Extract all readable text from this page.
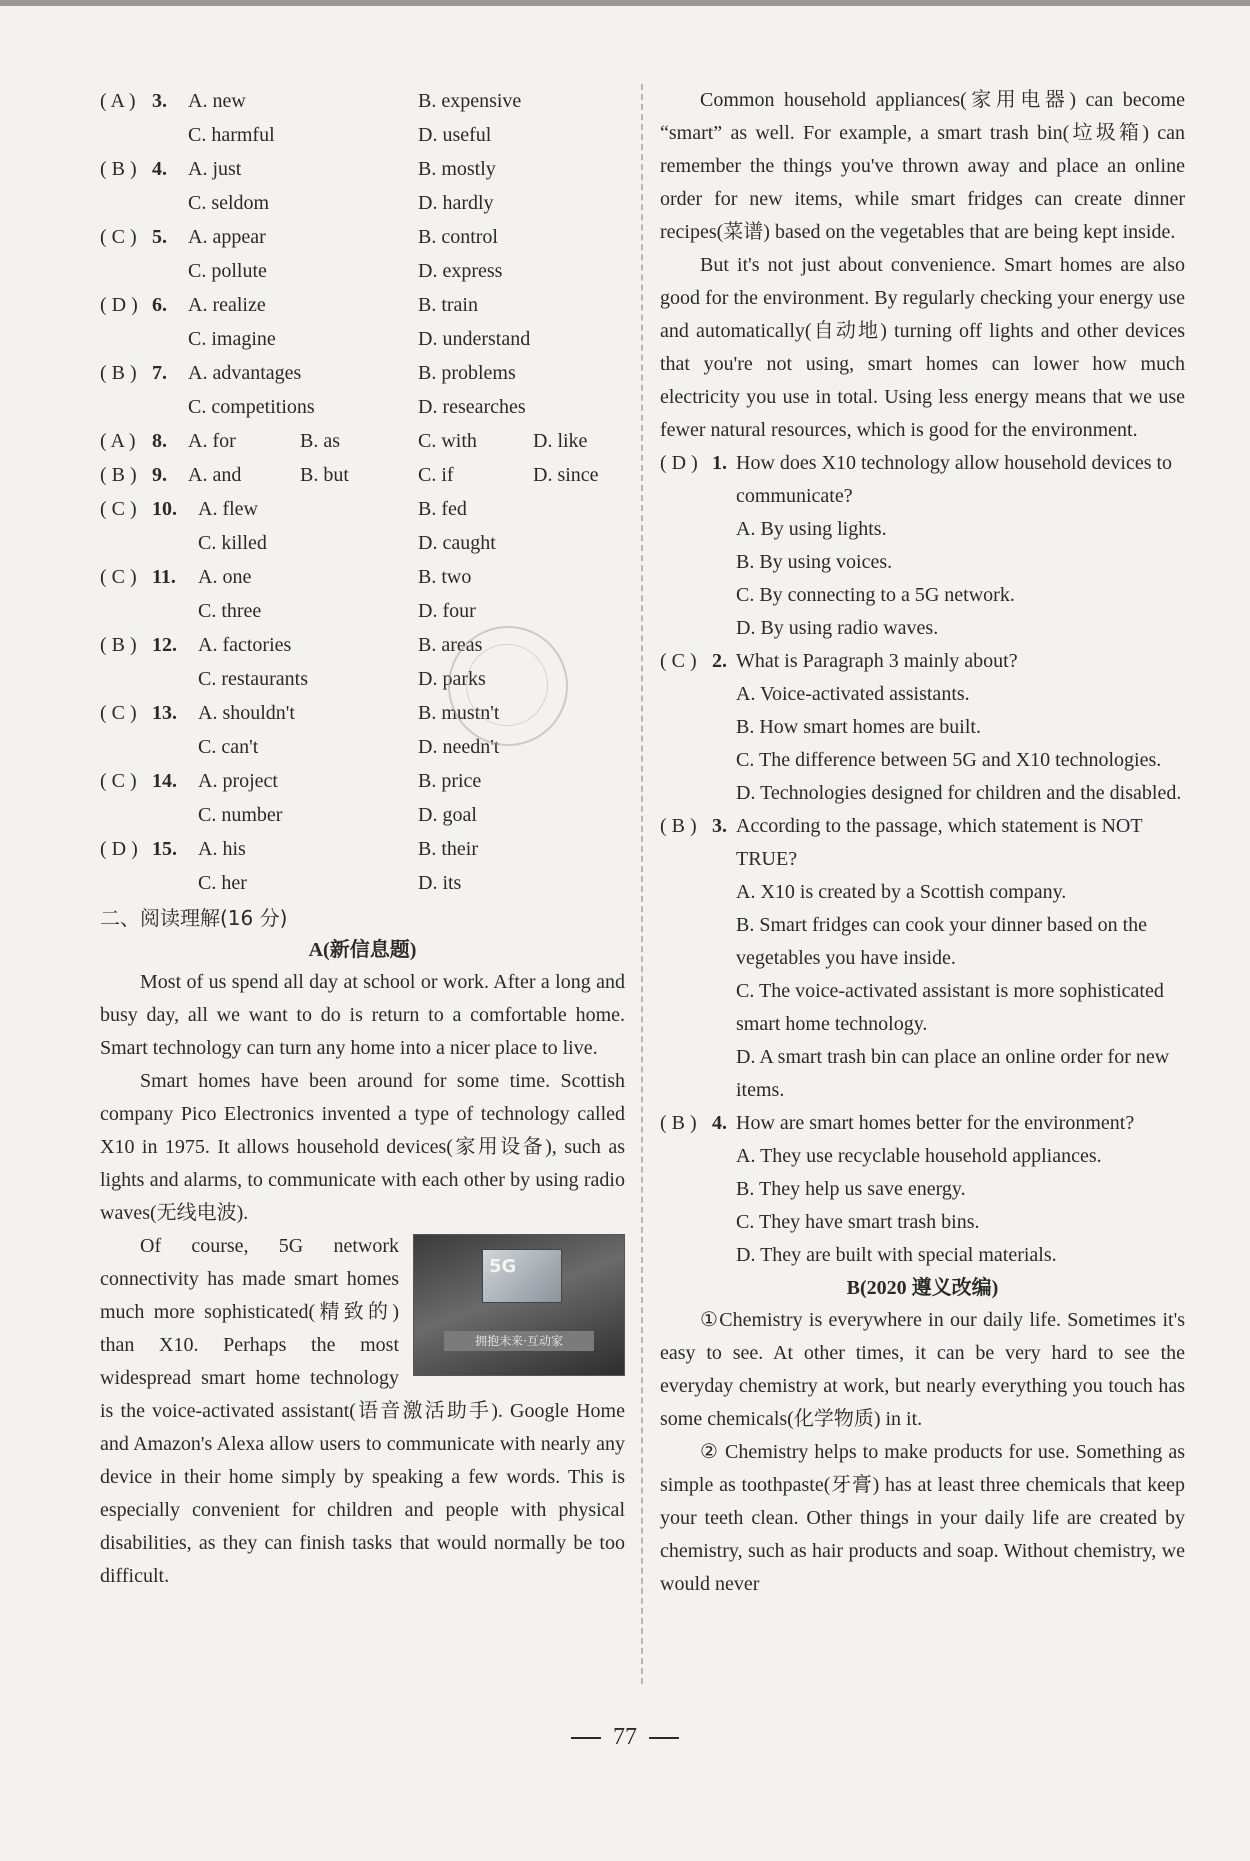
( A ) 3. A. new	B. expensive
C. harmful	D. useful
( B ) 4. A. just	B. mostly
C. seldom	D. hardly
( C ) 5. A. appear	B. control
C. pollute	D. express
( D ) 6. A. realize	B. train
C. imagine	D. understand
( B ) 7. A. advantages	B. problems
C. competitions	D. researches
( A ) 8. A. for	B. as	C. with	D. like
( B ) 9. A. and	B. but	C. if	D. since
( C ) 10. A. flew	B. fed
C. killed	D. caught
( C ) 11. A. one	B. two
C. three	D. four
( B ) 12. A. factories	B. areas
C. restaurants	D. parks
( C ) 13. A. shouldn't	B. mustn't
C. can't	D. needn't
( C ) 14. A. project	B. price
C. number	D. goal
( D ) 15. A. his	B. their
C. her	D. its
二、阅读理解(16 分)
A(新信息题)

Most of us spend all day at school or work. After a long and busy day, all we want to do is return to a comfortable home. Smart technology can turn any home into a nicer place to live.

Smart homes have been around for some time. Scottish company Pico Electronics invented a type of technology called X10 in 1975. It allows household devices(家用设备), such as lights and alarms, to communicate with each other by using radio waves(无线电波).

5G
拥抱未来·互动家

Of course, 5G network connectivity has made smart homes much more sophisticated(精致的) than X10. Perhaps the most widespread smart home technology is the voice-activated assistant(语音激活助手). Google Home and Amazon's Alexa allow users to communicate with nearly any device in their home simply by speaking a few words. This is especially convenient for children and people with physical disabilities, as they can finish tasks that would normally be too difficult.

Common household appliances(家用电器) can become “smart” as well. For example, a smart trash bin(垃圾箱) can remember the things you've thrown away and place an online order for new items, while smart fridges can create dinner recipes(菜谱) based on the vegetables that are being kept inside.

But it's not just about convenience. Smart homes are also good for the environment. By regularly checking your energy use and automatically(自动地) turning off lights and other devices that you're not using, smart homes can lower how much electricity you use in total. Using less energy means that we use fewer natural resources, which is good for the environment.

( D ) 1. How does X10 technology allow household devices to communicate?
A. By using lights.
B. By using voices.
C. By connecting to a 5G network.
D. By using radio waves.
( C ) 2. What is Paragraph 3 mainly about?
A. Voice-activated assistants.
B. How smart homes are built.
C. The difference between 5G and X10 technologies.
D. Technologies designed for children and the disabled.
( B ) 3. According to the passage, which statement is NOT TRUE?
A. X10 is created by a Scottish company.
B. Smart fridges can cook your dinner based on the vegetables you have inside.
C. The voice-activated assistant is more sophisticated smart home technology.
D. A smart trash bin can place an online order for new items.
( B ) 4. How are smart homes better for the environment?
A. They use recyclable household appliances.
B. They help us save energy.
C. They have smart trash bins.
D. They are built with special materials.
B(2020 遵义改编)

①Chemistry is everywhere in our daily life. Sometimes it's easy to see. At other times, it can be very hard to see the everyday chemistry at work, but nearly everything you touch has some chemicals(化学物质) in it.

② Chemistry helps to make products for use. Something as simple as toothpaste(牙膏) has at least three chemicals that keep your teeth clean. Other things in your daily life are created by chemistry, such as hair products and soap. Without chemistry, we would never

77
